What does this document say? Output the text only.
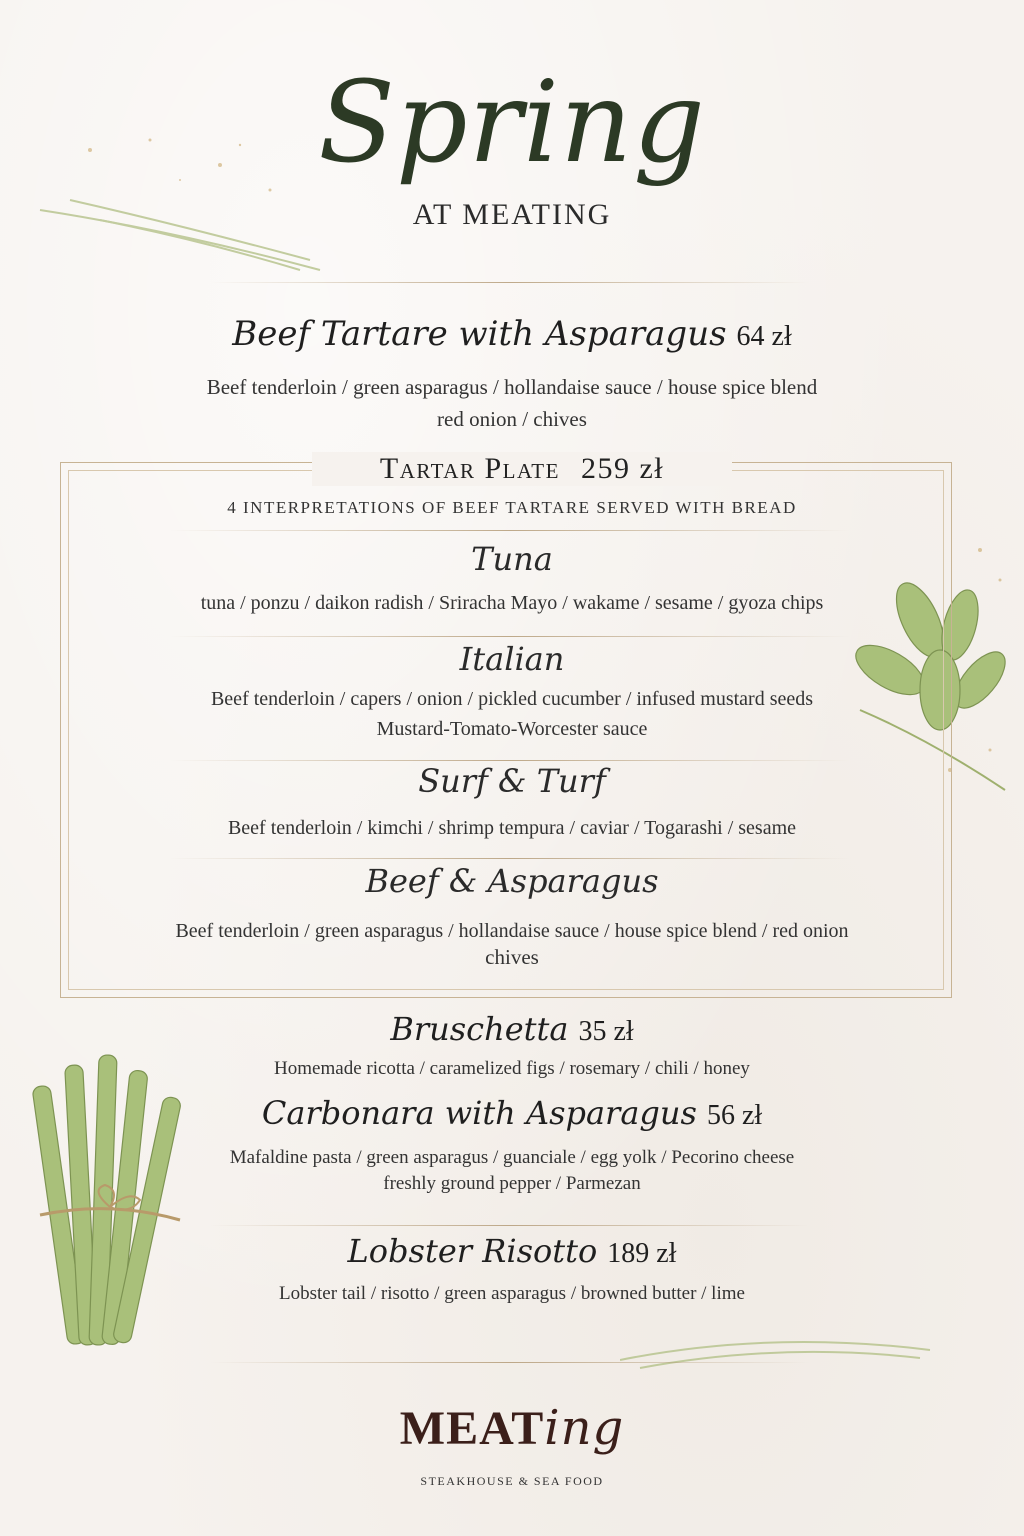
Spring
AT MEATING
Beef Tartare with Asparagus 64 zł
Beef tenderloin / green asparagus / hollandaise sauce / house spice blend
red onion / chives
Tartar Plate 259 zł
4 INTERPRETATIONS OF BEEF TARTARE SERVED WITH BREAD
Tuna
tuna / ponzu / daikon radish / Sriracha Mayo / wakame / sesame / gyoza chips
Italian
Beef tenderloin / capers / onion / pickled cucumber / infused mustard seeds
Mustard-Tomato-Worcester sauce
Surf & Turf
Beef tenderloin / kimchi / shrimp tempura / caviar / Togarashi / sesame
Beef & Asparagus
Beef tenderloin / green asparagus / hollandaise sauce / house spice blend / red onion
chives
Bruschetta 35 zł
Homemade ricotta / caramelized figs / rosemary / chili / honey
Carbonara with Asparagus 56 zł
Mafaldine pasta / green asparagus / guanciale / egg yolk / Pecorino cheese
freshly ground pepper / Parmezan
Lobster Risotto 189 zł
Lobster tail / risotto / green asparagus / browned butter / lime
MEATing
STEAKHOUSE & SEA FOOD
